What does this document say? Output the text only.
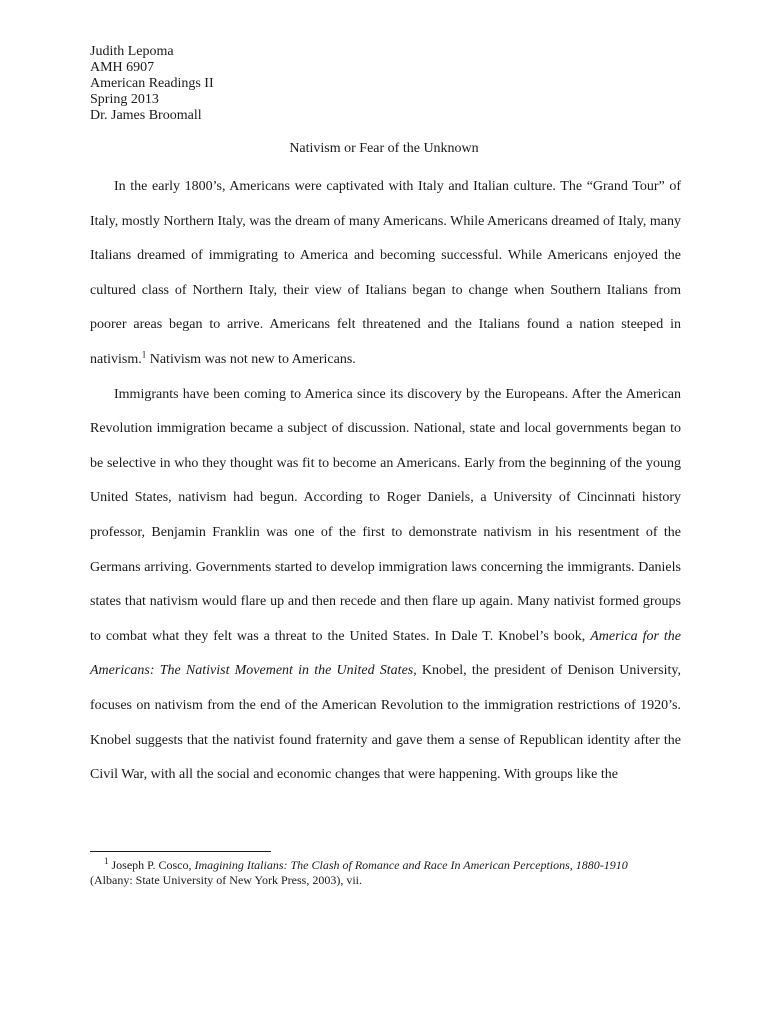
Judith Lepoma
AMH 6907
American Readings II
Spring 2013
Dr. James Broomall
Nativism or Fear of the Unknown

In the early 1800’s, Americans were captivated with Italy and Italian culture. The “Grand Tour” of Italy, mostly Northern Italy, was the dream of many Americans. While Americans dreamed of Italy, many Italians dreamed of immigrating to America and becoming successful. While Americans enjoyed the cultured class of Northern Italy, their view of Italians began to change when Southern Italians from poorer areas began to arrive. Americans felt threatened and the Italians found a nation steeped in nativism.$^1$ Nativism was not new to Americans.

Immigrants have been coming to America since its discovery by the Europeans. After the American Revolution immigration became a subject of discussion. National, state and local governments began to be selective in who they thought was fit to become an Americans. Early from the beginning of the young United States, nativism had begun. According to Roger Daniels, a University of Cincinnati history professor, Benjamin Franklin was one of the first to demonstrate nativism in his resentment of the Germans arriving. Governments started to develop immigration laws concerning the immigrants. Daniels states that nativism would flare up and then recede and then flare up again. Many nativist formed groups to combat what they felt was a threat to the United States. In Dale T. Knobel’s book, America for the Americans: The Nativist Movement in the United States, Knobel, the president of Denison University, focuses on nativism from the end of the American Revolution to the immigration restrictions of 1920’s. Knobel suggests that the nativist found fraternity and gave them a sense of Republican identity after the Civil War, with all the social and economic changes that were happening. With groups like the

$^1$ Joseph P. Cosco, Imagining Italians: The Clash of Romance and Race In American Perceptions, 1880-1910
(Albany: State University of New York Press, 2003), vii.
